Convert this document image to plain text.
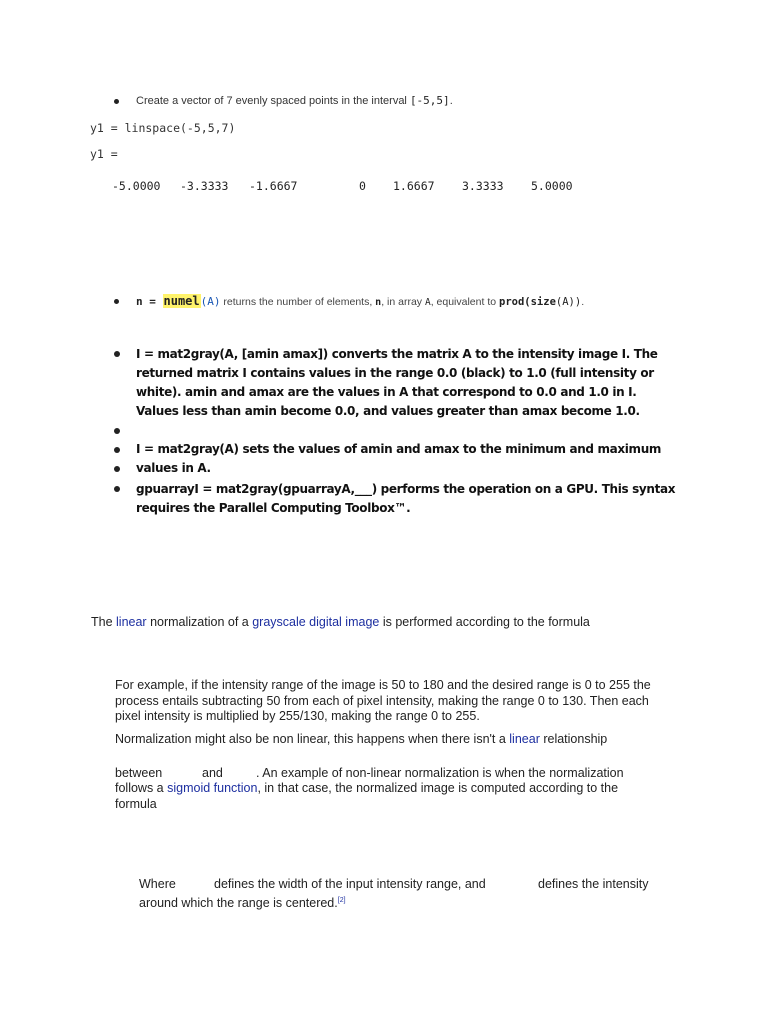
Create a vector of 7 evenly spaced points in the interval [-5,5].
y1 = linspace(-5,5,7)
y1 =
-5.0000 -3.3333 -1.6667	0 1.6667 3.3333 5.0000
n = numel(A) returns the number of elements, n, in array A, equivalent to prod(size(A)).
I = mat2gray(A, [amin amax]) converts the matrix A to the intensity image I. The returned matrix I contains values in the range 0.0 (black) to 1.0 (full intensity or white). amin and amax are the values in A that correspond to 0.0 and 1.0 in I. Values less than amin become 0.0, and values greater than amax become 1.0.
I = mat2gray(A) sets the values of amin and amax to the minimum and maximum values in A.
gpuarrayI = mat2gray(gpuarrayA,___) performs the operation on a GPU. This syntax requires the Parallel Computing Toolbox™.
The linear normalization of a grayscale digital image is performed according to the formula
For example, if the intensity range of the image is 50 to 180 and the desired range is 0 to 255 the process entails subtracting 50 from each of pixel intensity, making the range 0 to 130. Then each pixel intensity is multiplied by 255/130, making the range 0 to 255.
Normalization might also be non linear, this happens when there isn't a linear relationship
between	and	. An example of non-linear normalization is when the normalization
follows a sigmoid function, in that case, the normalized image is computed according to the
formula
Where	defines the width of the input intensity range, and	defines the intensity
around which the range is centered.[2]
